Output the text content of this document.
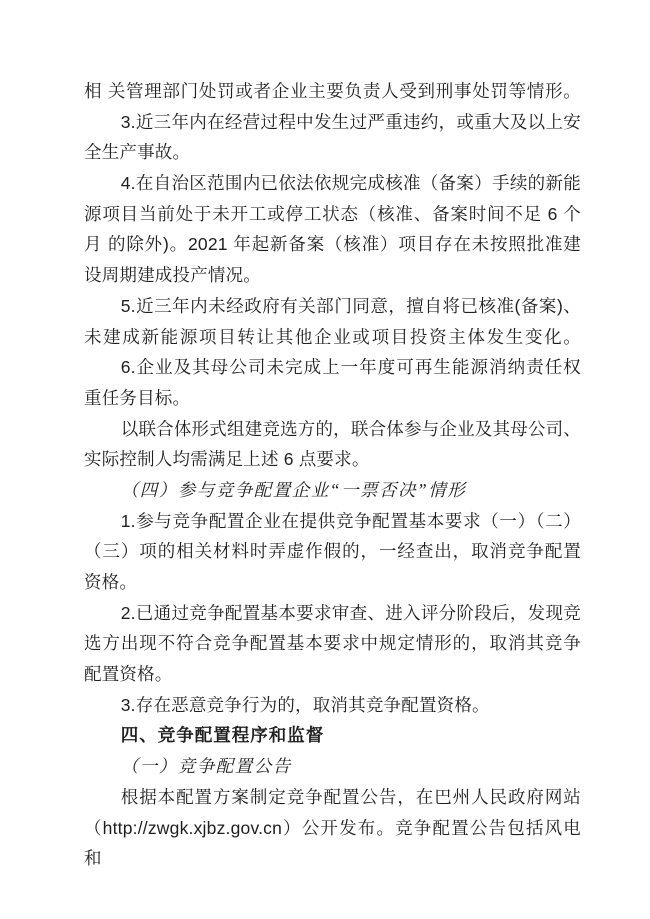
相 关管理部门处罚或者企业主要负责人受到刑事处罚等情形。
3.近三年内在经营过程中发生过严重违约，或重大及以上安
全生产事故。
4.在自治区范围内已依法依规完成核准（备案）手续的新能
源项目当前处于未开工或停工状态（核准、备案时间不足 6 个
月 的除外)。2021 年起新备案（核准）项目存在未按照批准建
设周期建成投产情况。
5.近三年内未经政府有关部门同意，擅自将已核准(备案)、
未建成新能源项目转让其他企业或项目投资主体发生变化。
6.企业及其母公司未完成上一年度可再生能源消纳责任权
重任务目标。
以联合体形式组建竞选方的，联合体参与企业及其母公司、
实际控制人均需满足上述 6 点要求。
（四）参与竞争配置企业“一票否决”情形
1.参与竞争配置企业在提供竞争配置基本要求（一）（二）
（三）项的相关材料时弄虚作假的，一经查出，取消竞争配置
资格。
2.已通过竞争配置基本要求审查、进入评分阶段后，发现竞
选方出现不符合竞争配置基本要求中规定情形的，取消其竞争
配置资格。
3.存在恶意竞争行为的，取消其竞争配置资格。
四、竞争配置程序和监督
（一）竞争配置公告
根据本配置方案制定竞争配置公告，在巴州人民政府网站
（http://zwgk.xjbz.gov.cn）公开发布。竞争配置公告包括风电和
